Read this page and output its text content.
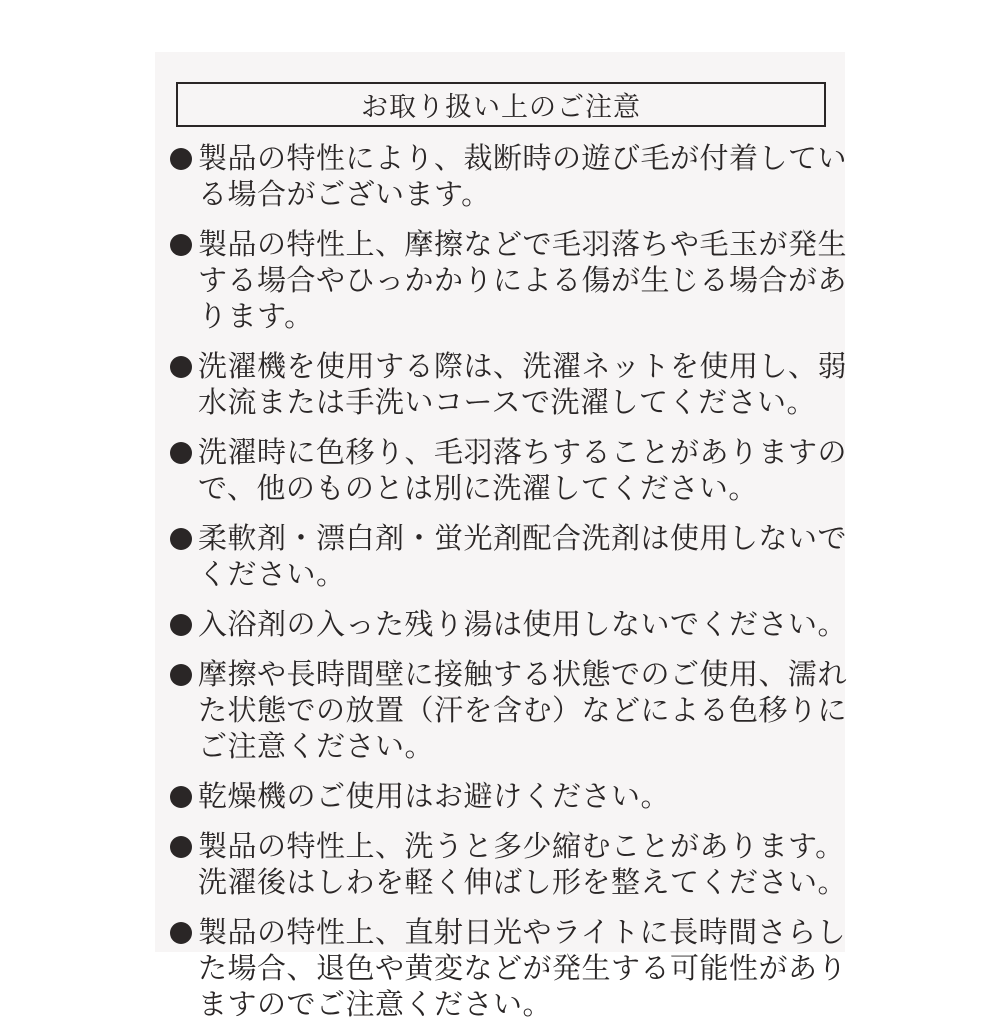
お取り扱い上のご注意
製品の特性により、裁断時の遊び毛が付着している場合がございます。
製品の特性上、摩擦などで毛羽落ちや毛玉が発生する場合やひっかかりによる傷が生じる場合があります。
洗濯機を使用する際は、洗濯ネットを使用し、弱水流または手洗いコースで洗濯してください。
洗濯時に色移り、毛羽落ちすることがありますので、他のものとは別に洗濯してください。
柔軟剤・漂白剤・蛍光剤配合洗剤は使用しないでください。
入浴剤の入った残り湯は使用しないでください。
摩擦や長時間壁に接触する状態でのご使用、濡れた状態での放置（汗を含む）などによる色移りにご注意ください。
乾燥機のご使用はお避けください。
製品の特性上、洗うと多少縮むことがあります。洗濯後はしわを軽く伸ばし形を整えてください。
製品の特性上、直射日光やライトに長時間さらした場合、退色や黄変などが発生する可能性がありますのでご注意ください。
